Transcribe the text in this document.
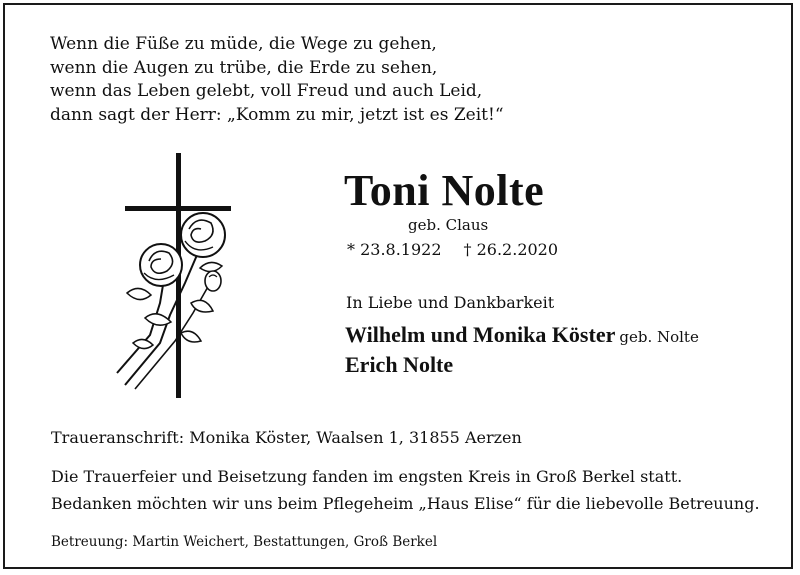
Wenn die Füße zu müde, die Wege zu gehen,
wenn die Augen zu trübe, die Erde zu sehen,
wenn das Leben gelebt, voll Freud und auch Leid,
dann sagt der Herr: „Komm zu mir, jetzt ist es Zeit!“
Toni Nolte
geb. Claus
* 23.8.1922 † 26.2.2020
In Liebe und Dankbarkeit
Wilhelm und Monika Köster geb. Nolte
Erich Nolte
Traueranschrift: Monika Köster, Waalsen 1, 31855 Aerzen
Die Trauerfeier und Beisetzung fanden im engsten Kreis in Groß Berkel statt.
Bedanken möchten wir uns beim Pflegeheim „Haus Elise“ für die liebevolle Betreuung.
Betreuung: Martin Weichert, Bestattungen, Groß Berkel
